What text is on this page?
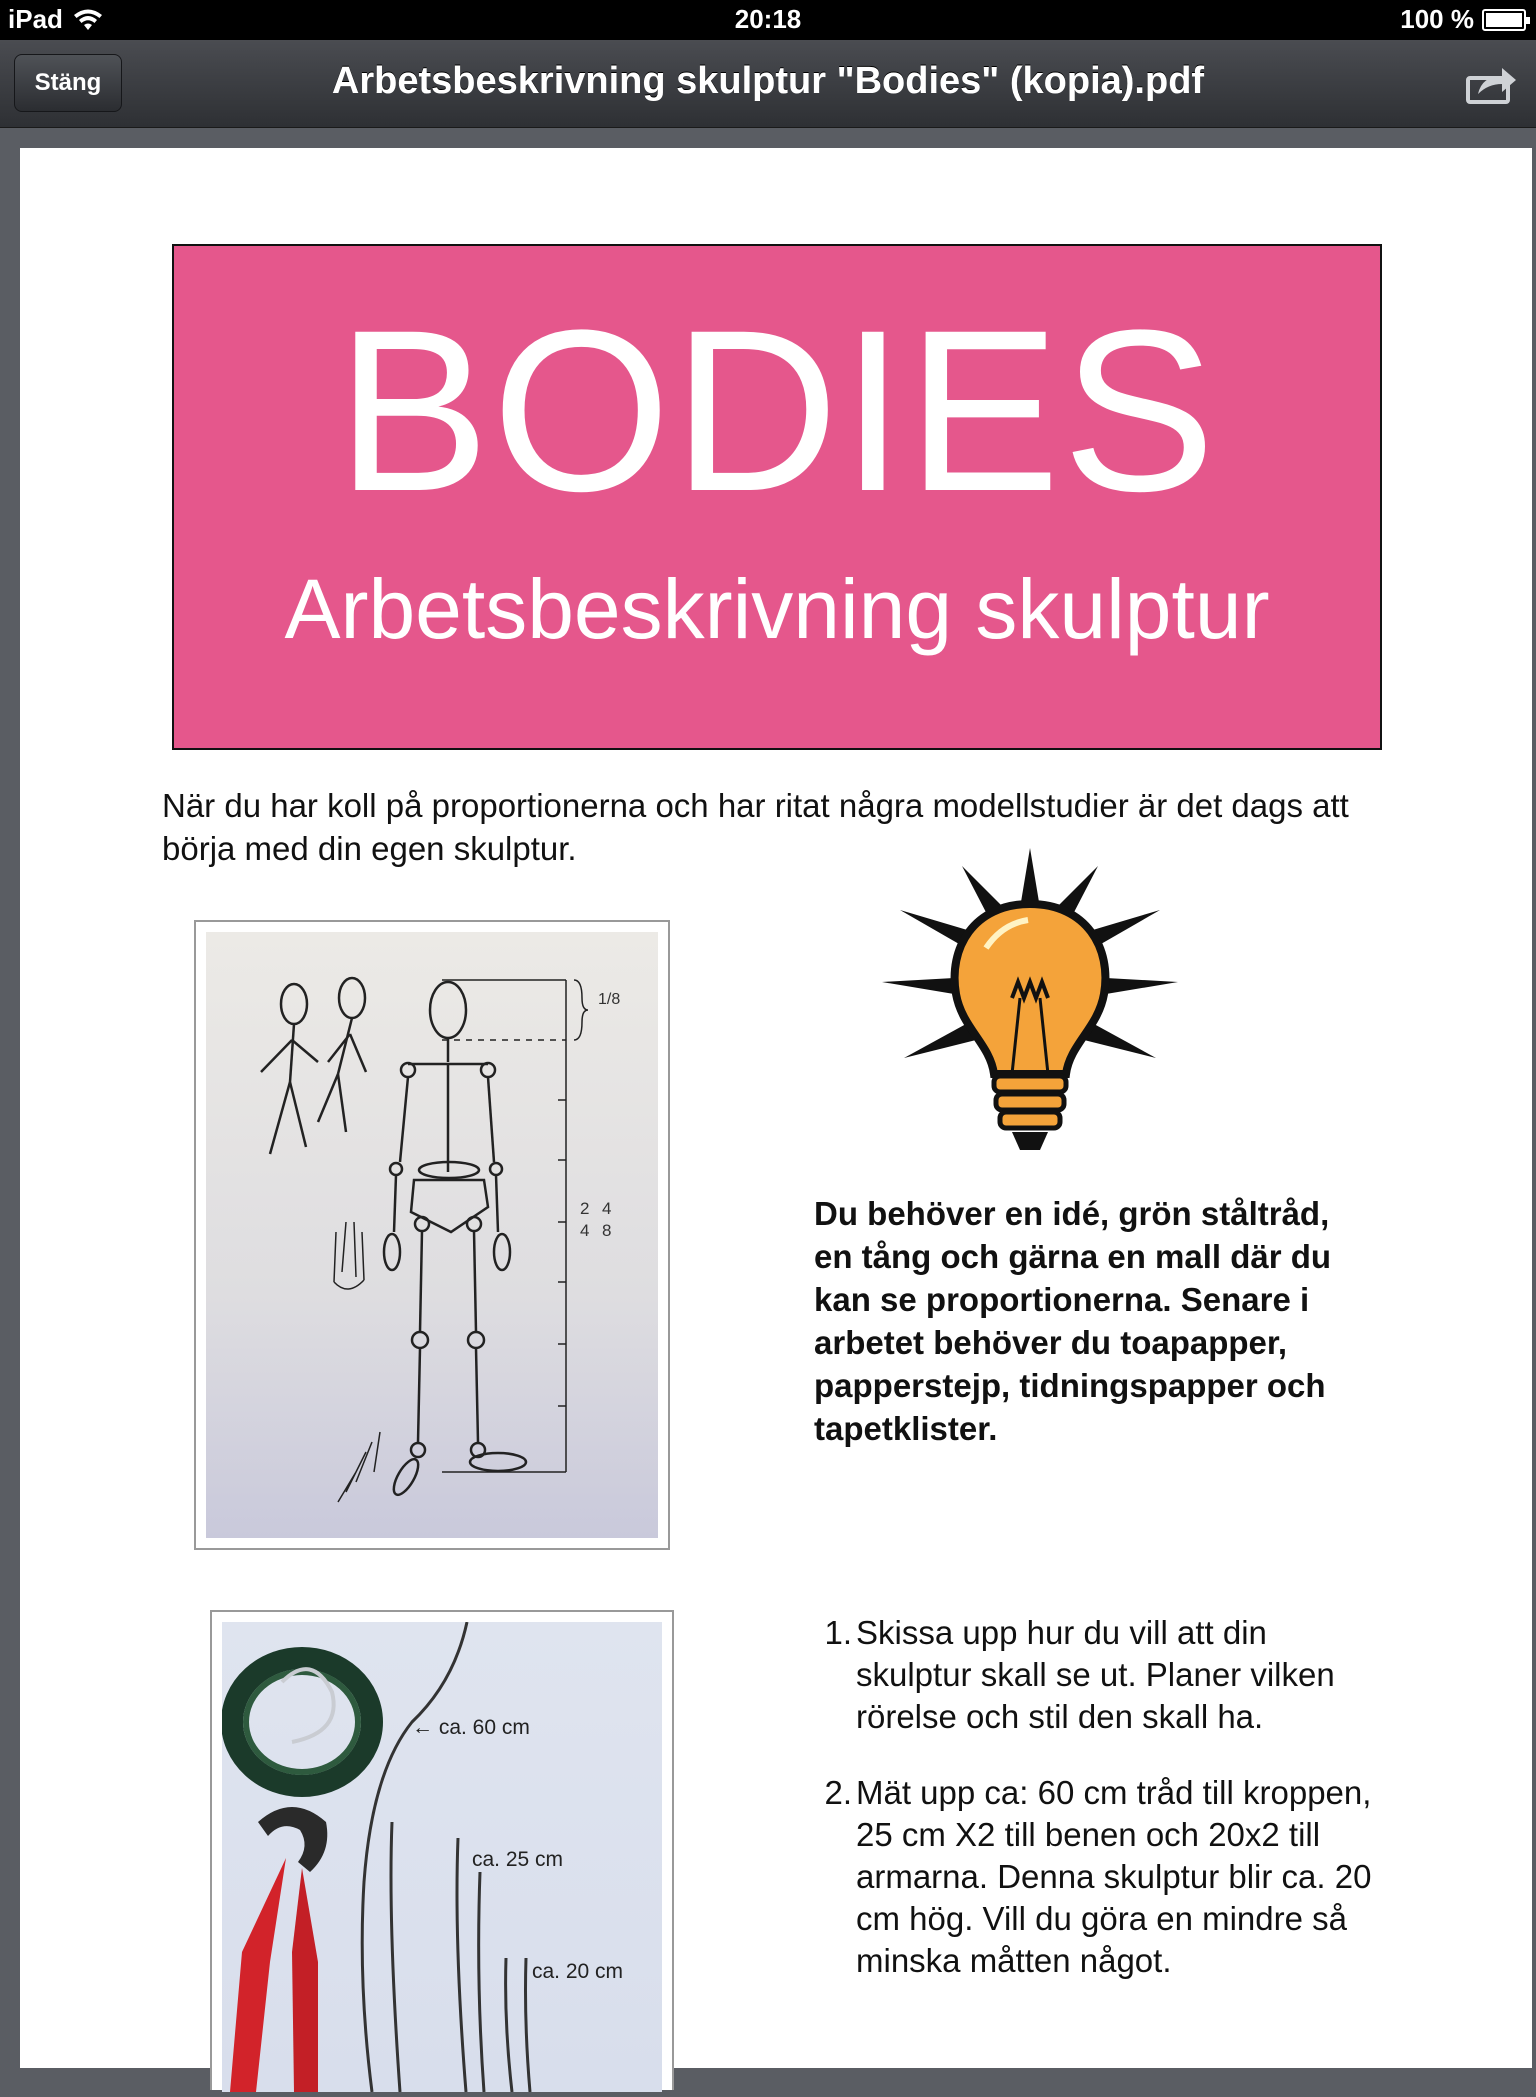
iPad	20:18	100 %
Stäng	Arbetsbeskrivning skulptur "Bodies" (kopia).pdf
BODIES
Arbetsbeskrivning skulptur

När du har koll på proportionerna och har ritat några modellstudier är det dags att börja med din egen skulptur.

1/8
2 4
4 8	Du behöver en idé, grön ståltråd, en tång och gärna en mall där du kan se proportionerna. Senare i arbetet behöver du toapapper, papperstejp, tidningspapper och tapetklister.

← ca. 60 cm
ca. 25 cm
ca. 20 cm
1. Skissa upp hur du vill att din skulptur skall se ut. Planer vilken rörelse och stil den skall ha.
2. Mät upp ca: 60 cm tråd till kroppen, 25 cm X2 till benen och 20x2 till armarna. Denna skulptur blir ca. 20 cm hög. Vill du göra en mindre så minska måtten något.
